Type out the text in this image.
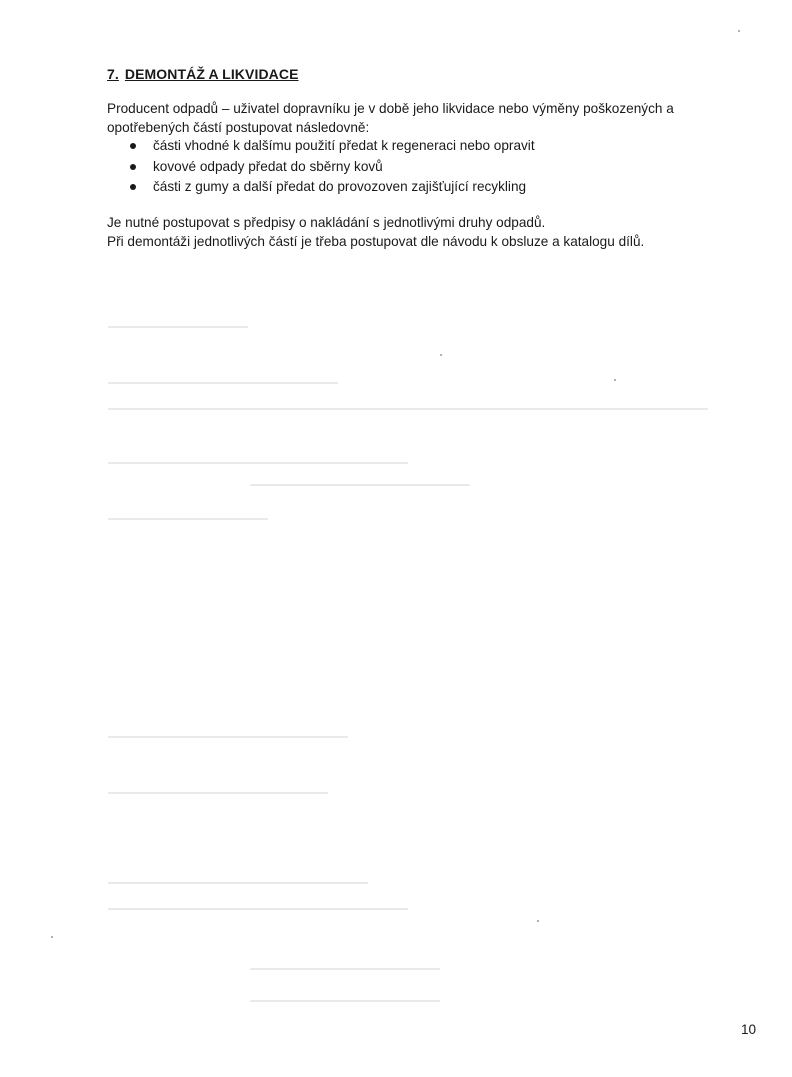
7. DEMONTÁŽ A LIKVIDACE
Producent odpadů – uživatel dopravníku je v době jeho likvidace nebo výměny poškozených a
opotřebených částí postupovat následovně:
části vhodné k dalšímu použití předat k regeneraci nebo opravit
kovové odpady předat do sběrny kovů
části z gumy a další předat do provozoven zajišťující recykling
Je nutné postupovat s předpisy o nakládání s jednotlivými druhy odpadů.
Při demontáži jednotlivých částí je třeba postupovat dle návodu k obsluze a katalogu dílů.
10
